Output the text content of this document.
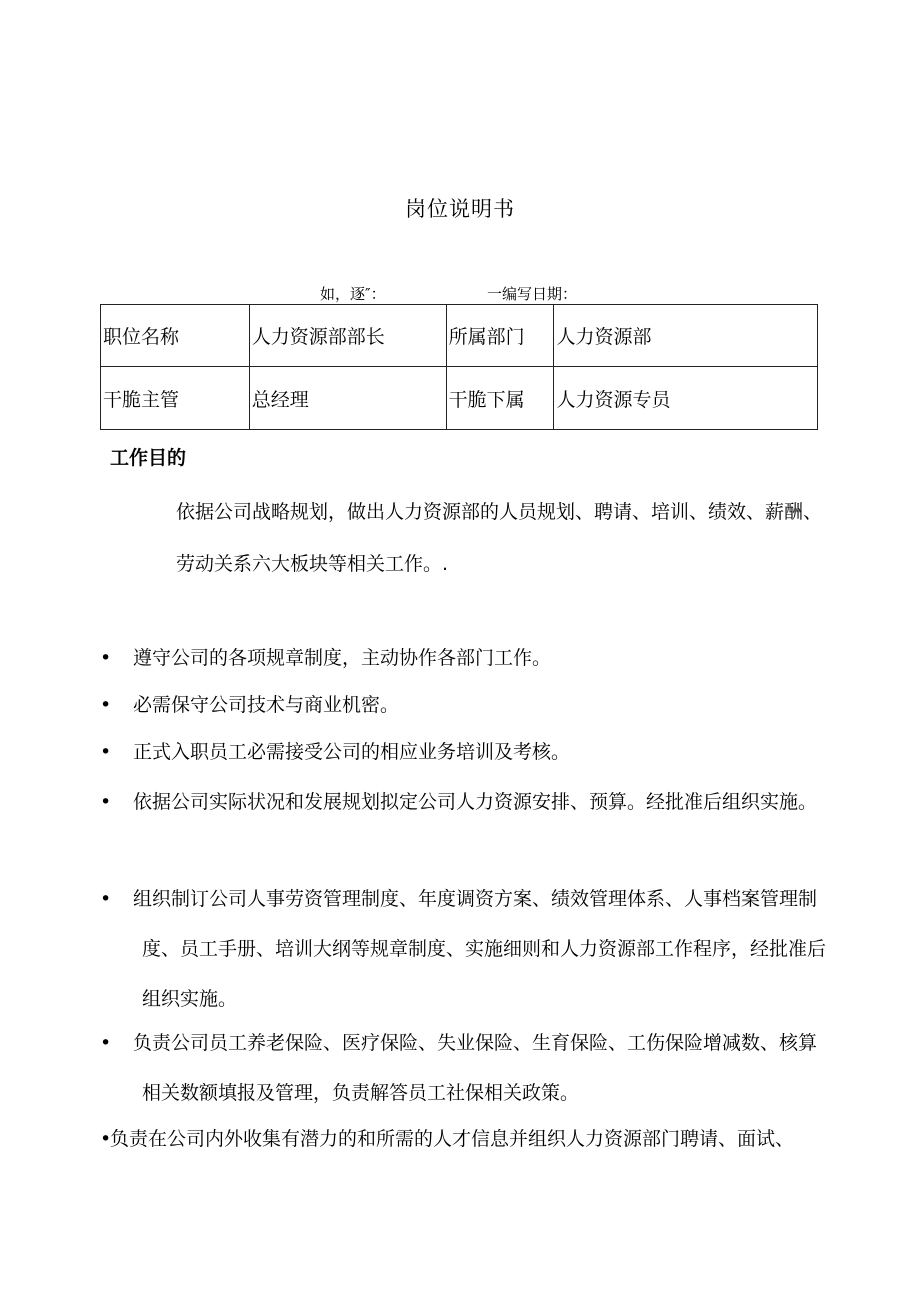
岗位说明书
如，逐″：	一编写日期：
职位名称	人力资源部部长	所属部门	人力资源部
干脆主管	总经理	干脆下属	人力资源专员
工作目的
依据公司战略规划，做出人力资源部的人员规划、聘请、培训、绩效、薪酬、劳动关系六大板块等相关工作。.
• 遵守公司的各项规章制度，主动协作各部门工作。
• 必需保守公司技术与商业机密。
• 正式入职员工必需接受公司的相应业务培训及考核。
• 依据公司实际状况和发展规划拟定公司人力资源安排、预算。经批准后组织实施。
• 组织制订公司人事劳资管理制度、年度调资方案、绩效管理体系、人事档案管理制度、员工手册、培训大纲等规章制度、实施细则和人力资源部工作程序，经批准后组织实施。
• 负责公司员工养老保险、医疗保险、失业保险、生育保险、工伤保险增减数、核算相关数额填报及管理，负责解答员工社保相关政策。
•
负责在公司内外收集有潜力的和所需的人才信息并组织人力资源部门聘请、面试、
